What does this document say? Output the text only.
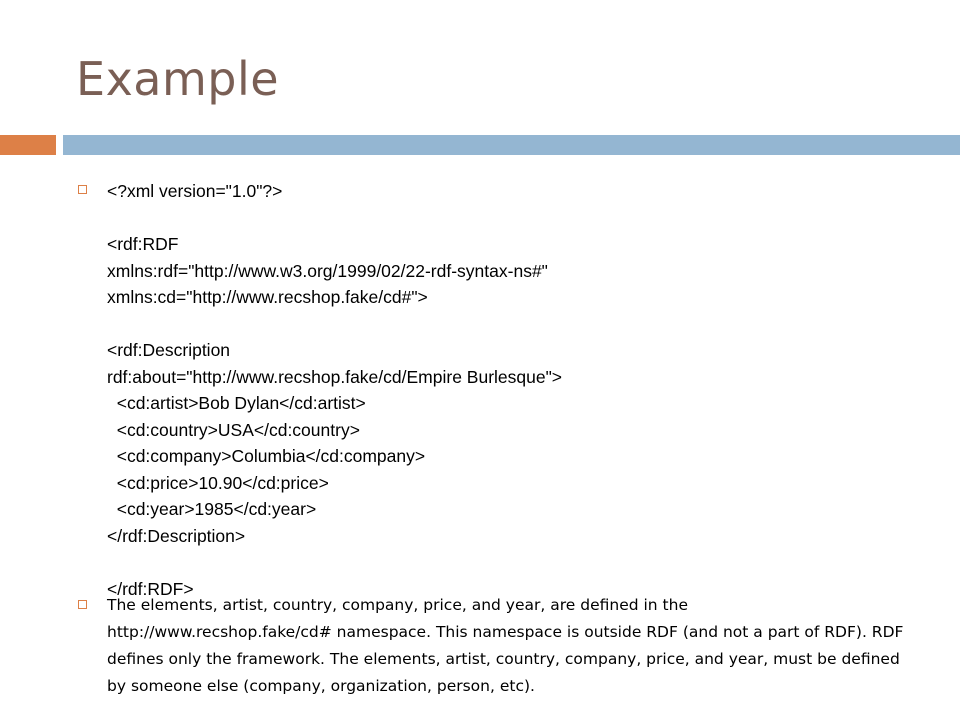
Example
<?xml version="1.0"?>
<rdf:RDF
xmlns:rdf="http://www.w3.org/1999/02/22-rdf-syntax-ns#"
xmlns:cd="http://www.recshop.fake/cd#">
<rdf:Description
rdf:about="http://www.recshop.fake/cd/Empire Burlesque">
<cd:artist>Bob Dylan</cd:artist>
<cd:country>USA</cd:country>
<cd:company>Columbia</cd:company>
<cd:price>10.90</cd:price>
<cd:year>1985</cd:year>
</rdf:Description>
</rdf:RDF>
The elements, artist, country, company, price, and year, are defined in the http://www.recshop.fake/cd# namespace. This namespace is outside RDF (and not a part of RDF). RDF defines only the framework. The elements, artist, country, company, price, and year, must be defined by someone else (company, organization, person, etc).
